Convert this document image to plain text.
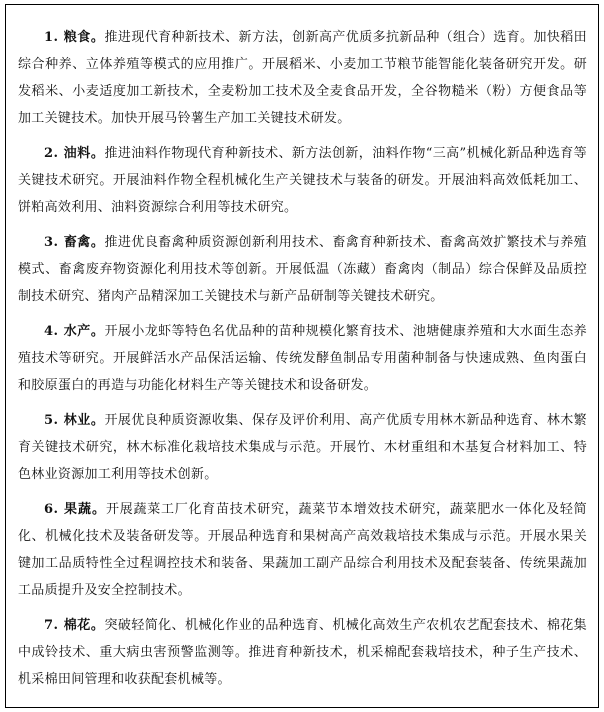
1. 粮食。推进现代育种新技术、新方法，创新高产优质多抗新品种（组合）选育。加快稻田综合种养、立体养殖等模式的应用推广。开展稻米、小麦加工节粮节能智能化装备研究开发。研发稻米、小麦适度加工新技术，全麦粉加工技术及全麦食品开发，全谷物糙米（粉）方便食品等加工关键技术。加快开展马铃薯生产加工关键技术研发。

2. 油料。推进油料作物现代育种新技术、新方法创新，油料作物“三高”机械化新品种选育等关键技术研究。开展油料作物全程机械化生产关键技术与装备的研发。开展油料高效低耗加工、饼粕高效利用、油料资源综合利用等技术研究。

3. 畜禽。推进优良畜禽种质资源创新利用技术、畜禽育种新技术、畜禽高效扩繁技术与养殖模式、畜禽废弃物资源化利用技术等创新。开展低温（冻藏）畜禽肉（制品）综合保鲜及品质控制技术研究、猪肉产品精深加工关键技术与新产品研制等关键技术研究。

4. 水产。开展小龙虾等特色名优品种的苗种规模化繁育技术、池塘健康养殖和大水面生态养殖技术等研究。开展鲜活水产品保活运输、传统发酵鱼制品专用菌种制备与快速成熟、鱼肉蛋白和胶原蛋白的再造与功能化材料生产等关键技术和设备研发。

5. 林业。开展优良种质资源收集、保存及评价利用、高产优质专用林木新品种选育、林木繁育关键技术研究，林木标准化栽培技术集成与示范。开展竹、木材重组和木基复合材料加工、特色林业资源加工利用等技术创新。

6. 果蔬。开展蔬菜工厂化育苗技术研究，蔬菜节本增效技术研究，蔬菜肥水一体化及轻简化、机械化技术及装备研发等。开展品种选育和果树高产高效栽培技术集成与示范。开展水果关键加工品质特性全过程调控技术和装备、果蔬加工副产品综合利用技术及配套装备、传统果蔬加工品质提升及安全控制技术。

7. 棉花。突破轻简化、机械化作业的品种选育、机械化高效生产农机农艺配套技术、棉花集中成铃技术、重大病虫害预警监测等。推进育种新技术，机采棉配套栽培技术，种子生产技术、机采棉田间管理和收获配套机械等。
